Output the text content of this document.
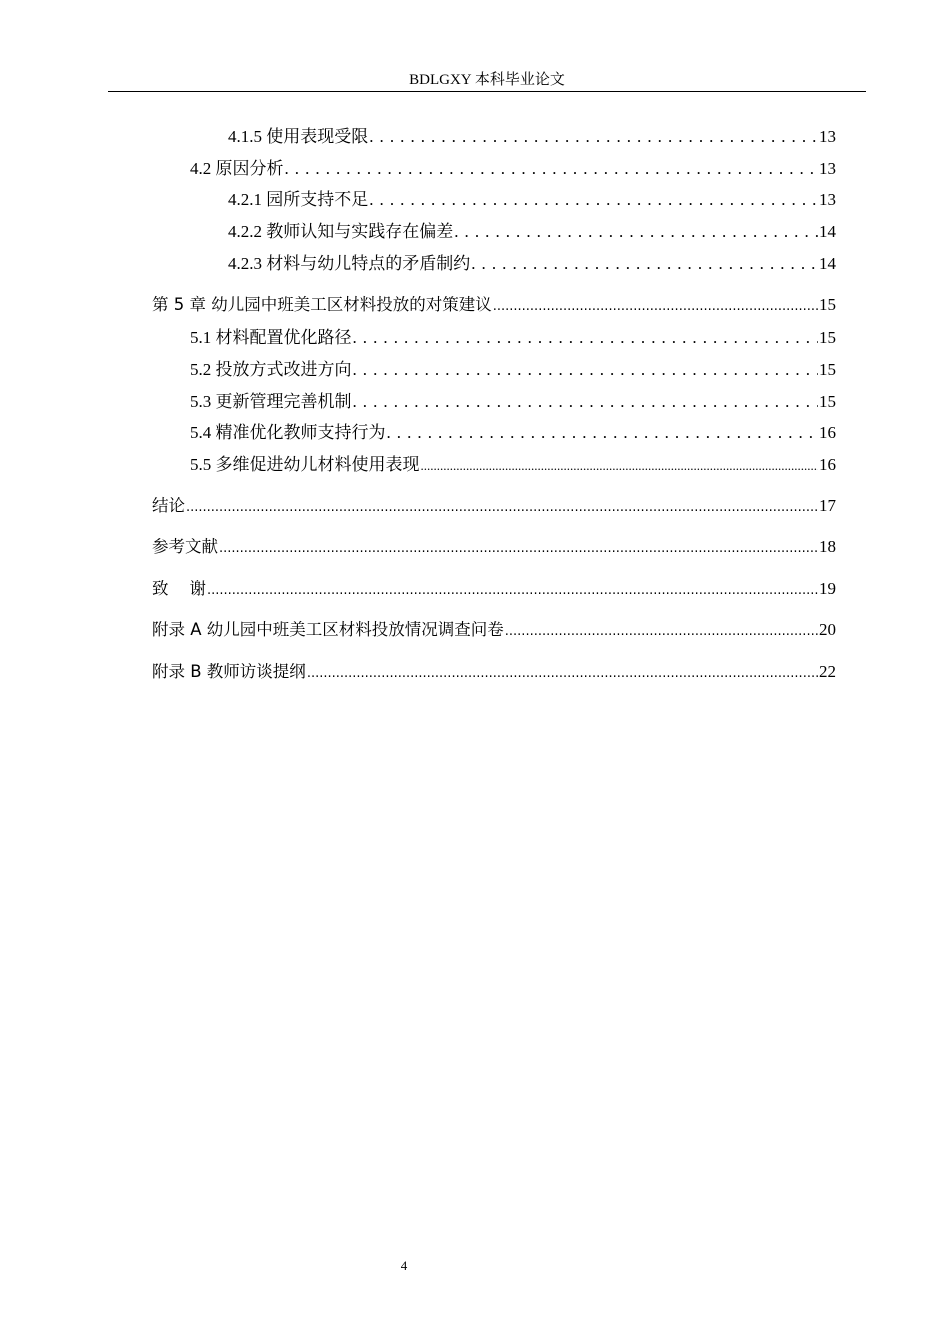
BDLGXY 本科毕业论文
4.1.5 使用表现受限 . . .	13
4.2 原因分析 . . .	13
4.2.1 园所支持不足 . . .	13
4.2.2 教师认知与实践存在偏差 . . .	14
4.2.3 材料与幼儿特点的矛盾制约 . . .	14
第 5 章 幼儿园中班美工区材料投放的对策建议 .....	15
5.1 材料配置优化路径 . . .	15
5.2 投放方式改进方向 . . .	15
5.3 更新管理完善机制 . . .	15
5.4 精准优化教师支持行为 . . .	16
5.5 多维促进幼儿材料使用表现 .....	16
结论 .....	17
参考文献 .....	18
致    谢 .....	19
附录 A 幼儿园中班美工区材料投放情况调查问卷 .....	20
附录 B 教师访谈提纲 .....	22
4
